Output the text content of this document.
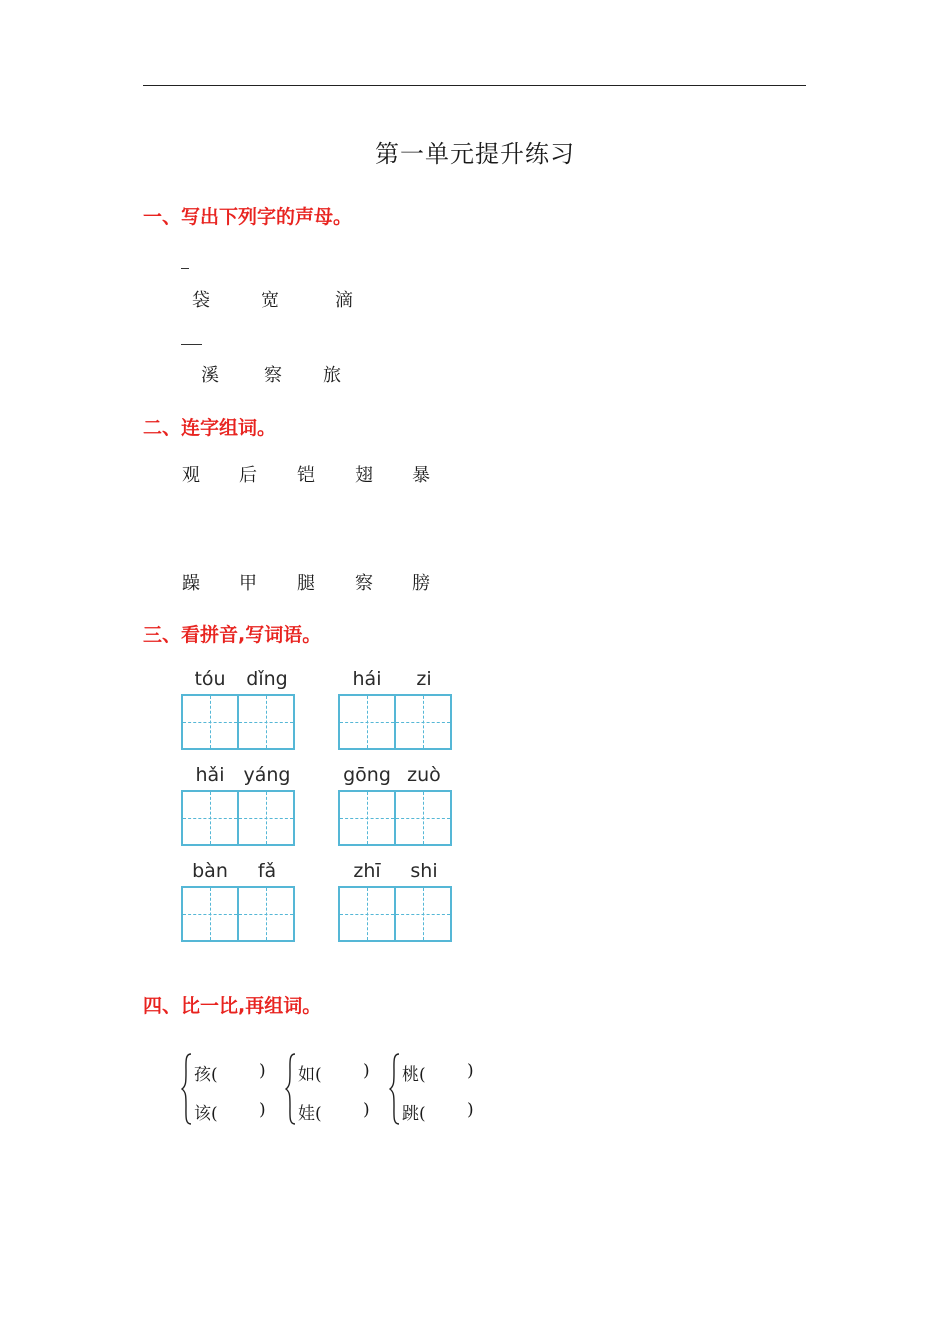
第一单元提升练习
一、写出下列字的声母。
袋	宽	滴
溪	察 旅
二、连字组词。
观 后 铠 翅 暴
躁 甲 腿 察 膀
三、看拼音,写词语。
tóu	dǐng	hái	zi
hǎi	yáng	gōng zuò
bàn	fǎ	zhī	shi
四、比一比,再组词。
孩( )
该( )
如( )
娃( )
桃( )
跳( )
